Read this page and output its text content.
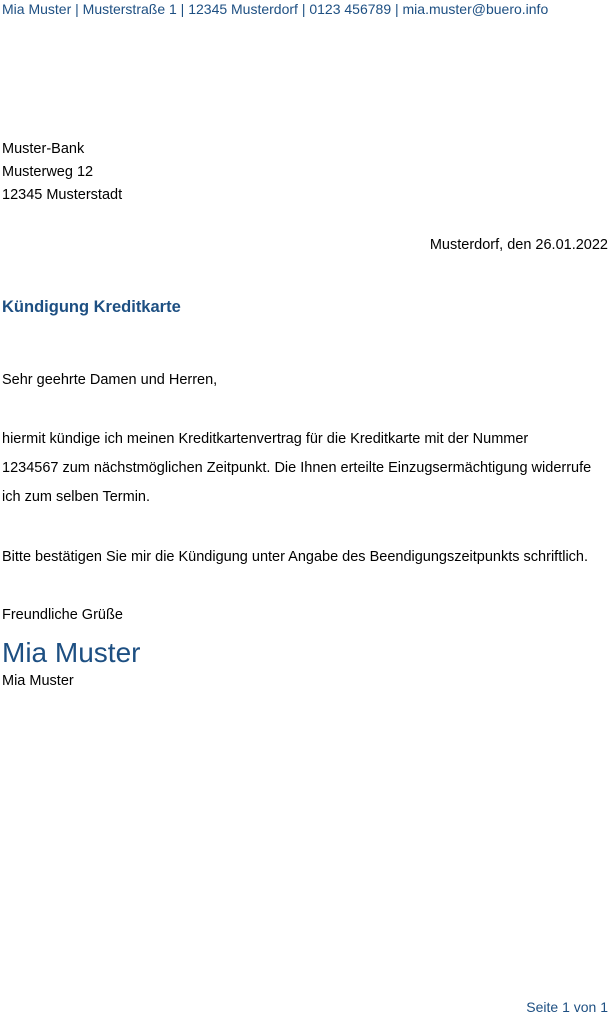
Mia Muster | Musterstraße 1 | 12345 Musterdorf | 0123 456789 | mia.muster@buero.info
Muster-Bank
Musterweg 12
12345 Musterstadt
Musterdorf, den 26.01.2022
Kündigung Kreditkarte
Sehr geehrte Damen und Herren,
hiermit kündige ich meinen Kreditkartenvertrag für die Kreditkarte mit der Nummer
1234567 zum nächstmöglichen Zeitpunkt. Die Ihnen erteilte Einzugsermächtigung widerrufe
ich zum selben Termin.
Bitte bestätigen Sie mir die Kündigung unter Angabe des Beendigungszeitpunkts schriftlich.
Freundliche Grüße
Mia Muster
Mia Muster
Seite 1 von 1
